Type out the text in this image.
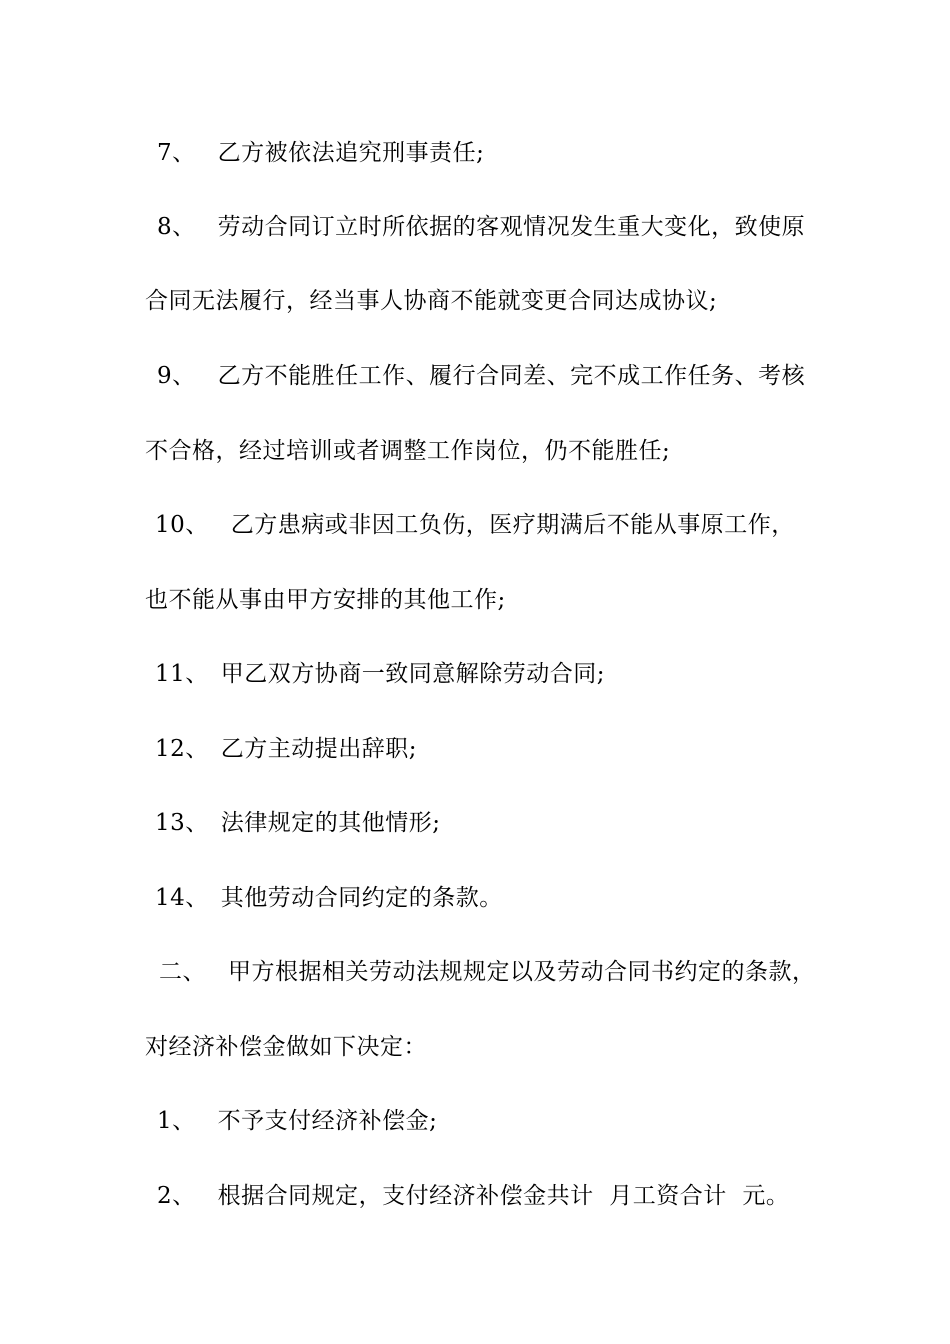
7、 乙方被依法追究刑事责任;
8、 劳动合同订立时所依据的客观情况发生重大变化，致使原
合同无法履行，经当事人协商不能就变更合同达成协议;
9、 乙方不能胜任工作、履行合同差、完不成工作任务、考核
不合格，经过培训或者调整工作岗位，仍不能胜任;
10、 乙方患病或非因工负伤，医疗期满后不能从事原工作，
也不能从事由甲方安排的其他工作;
11、 甲乙双方协商一致同意解除劳动合同;
12、 乙方主动提出辞职;
13、 法律规定的其他情形;
14、 其他劳动合同约定的条款。
二、 甲方根据相关劳动法规规定以及劳动合同书约定的条款，
对经济补偿金做如下决定：
1、 不予支付经济补偿金;
2、 根据合同规定，支付经济补偿金共计  月工资合计  元。
